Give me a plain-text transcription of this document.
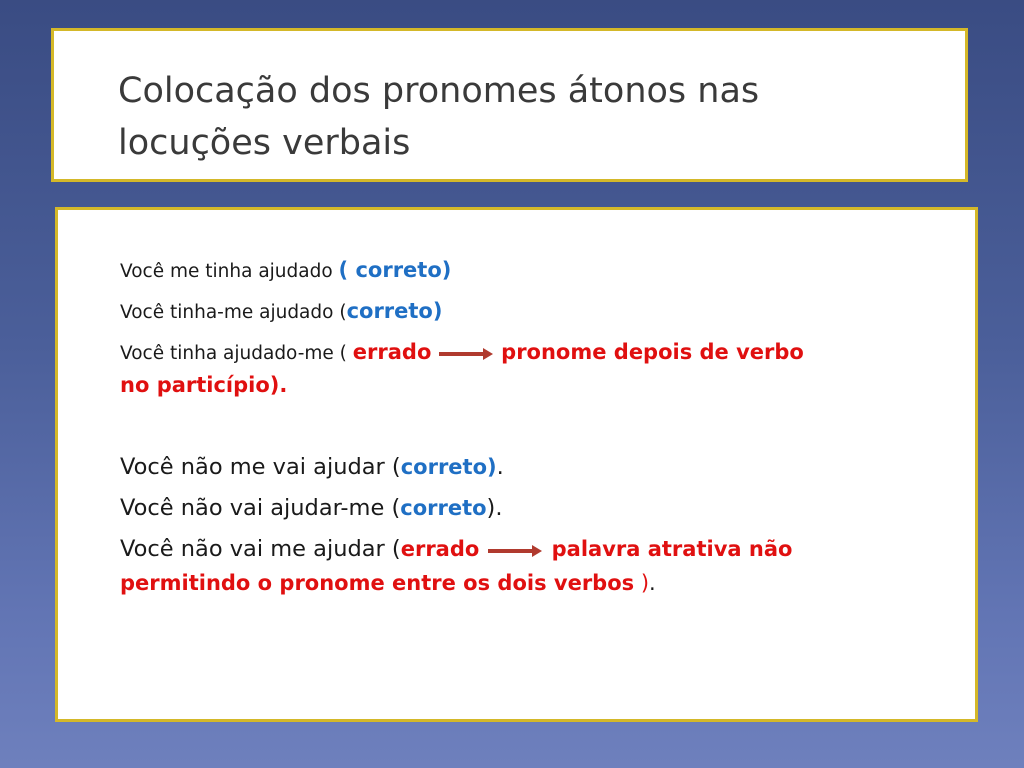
Colocação dos pronomes átonos nas locuções verbais

Você me tinha ajudado ( correto)

Você tinha-me ajudado (correto)

Você tinha ajudado-me ( errado	pronome depois de verbo

no particípio).

Você não me vai ajudar (correto).

Você não vai ajudar-me (correto).

Você não vai me ajudar (errado	palavra atrativa não

permitindo o pronome entre os dois verbos ).
